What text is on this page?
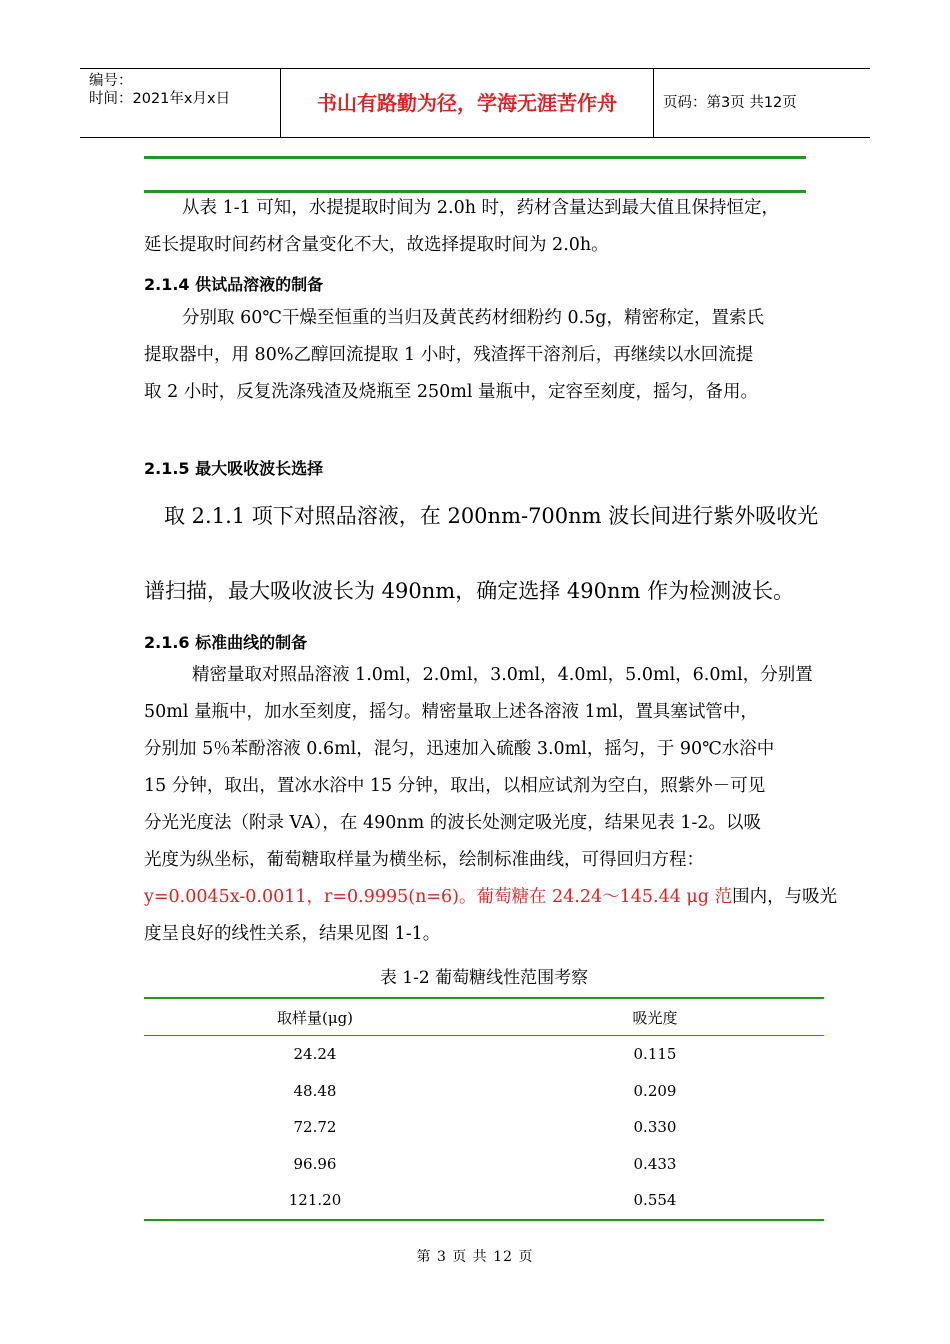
编号：
时间：2021年x月x日	书山有路勤为径，学海无涯苦作舟	页码：第3页 共12页
从表 1-1 可知，水提提取时间为 2.0h 时，药材含量达到最大值且保持恒定，
延长提取时间药材含量变化不大，故选择提取时间为 2.0h。
2.1.4 供试品溶液的制备
分别取 60℃干燥至恒重的当归及黄芪药材细粉约 0.5g，精密称定，置索氏
提取器中，用 80%乙醇回流提取 1 小时，残渣挥干溶剂后，再继续以水回流提
取 2 小时，反复洗涤残渣及烧瓶至 250ml 量瓶中，定容至刻度，摇匀，备用。
2.1.5 最大吸收波长选择
取 2.1.1 项下对照品溶液，在 200nm-700nm 波长间进行紫外吸收光
谱扫描，最大吸收波长为 490nm，确定选择 490nm 作为检测波长。
2.1.6 标准曲线的制备
精密量取对照品溶液 1.0ml，2.0ml，3.0ml，4.0ml，5.0ml，6.0ml，分别置
50ml 量瓶中，加水至刻度，摇匀。精密量取上述各溶液 1ml，置具塞试管中，
分别加 5％苯酚溶液 0.6ml，混匀，迅速加入硫酸 3.0ml，摇匀，于 90℃水浴中
15 分钟，取出，置冰水浴中 15 分钟，取出，以相应试剂为空白，照紫外－可见
分光光度法（附录 VA），在 490nm 的波长处测定吸光度，结果见表 1-2。以吸
光度为纵坐标，葡萄糖取样量为横坐标，绘制标准曲线，可得回归方程：
y=0.0045x-0.0011，r=0.9995(n=6)。葡萄糖在 24.24～145.44 μg 范围内，与吸光
度呈良好的线性关系，结果见图 1-1。
表 1-2 葡萄糖线性范围考察
取样量(μg)	吸光度
24.24	0.115
48.48	0.209
72.72	0.330
96.96	0.433
121.20	0.554
第 3 页 共 12 页
